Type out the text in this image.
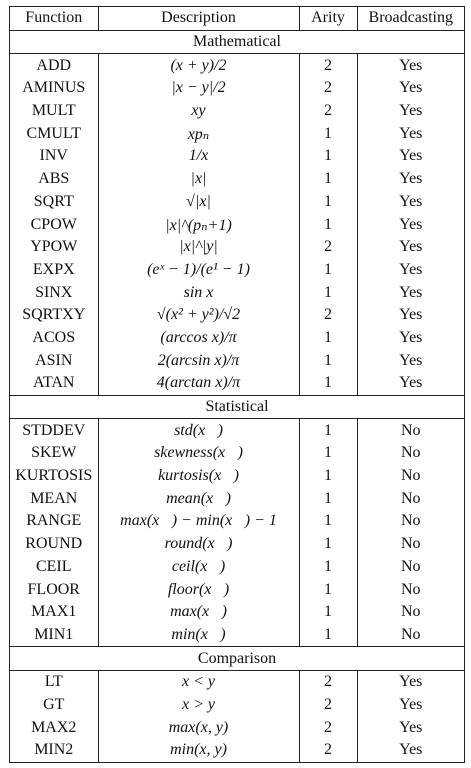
Function	Description	Arity	Broadcasting
Mathematical			
ADD	(x + y)/2	2	Yes
AMINUS	|x − y|/2	2	Yes
MULT	xy	2	Yes
CMULT	xpₙ	1	Yes
INV	1/x	1	Yes
ABS	|x|	1	Yes
SQRT	√|x|	1	Yes
CPOW	|x|^(pₙ+1)	1	Yes
YPOW	|x|^|y|	2	Yes
EXPX	(eˣ − 1)/(e¹ − 1)	1	Yes
SINX	sin x	1	Yes
SQRTXY	√(x² + y²)/√2	2	Yes
ACOS	(arccos x)/π	1	Yes
ASIN	2(arcsin x)/π	1	Yes
ATAN	4(arctan x)/π	1	Yes
Statistical			
STDDEV	std(x⃗)	1	No
SKEW	skewness(x⃗)	1	No
KURTOSIS	kurtosis(x⃗)	1	No
MEAN	mean(x⃗)	1	No
RANGE	max(x⃗) − min(x⃗) − 1	1	No
ROUND	round(x⃗)	1	No
CEIL	ceil(x⃗)	1	No
FLOOR	floor(x⃗)	1	No
MAX1	max(x⃗)	1	No
MIN1	min(x⃗)	1	No
Comparison			
LT	x < y	2	Yes
GT	x > y	2	Yes
MAX2	max(x, y)	2	Yes
MIN2	min(x, y)	2	Yes
